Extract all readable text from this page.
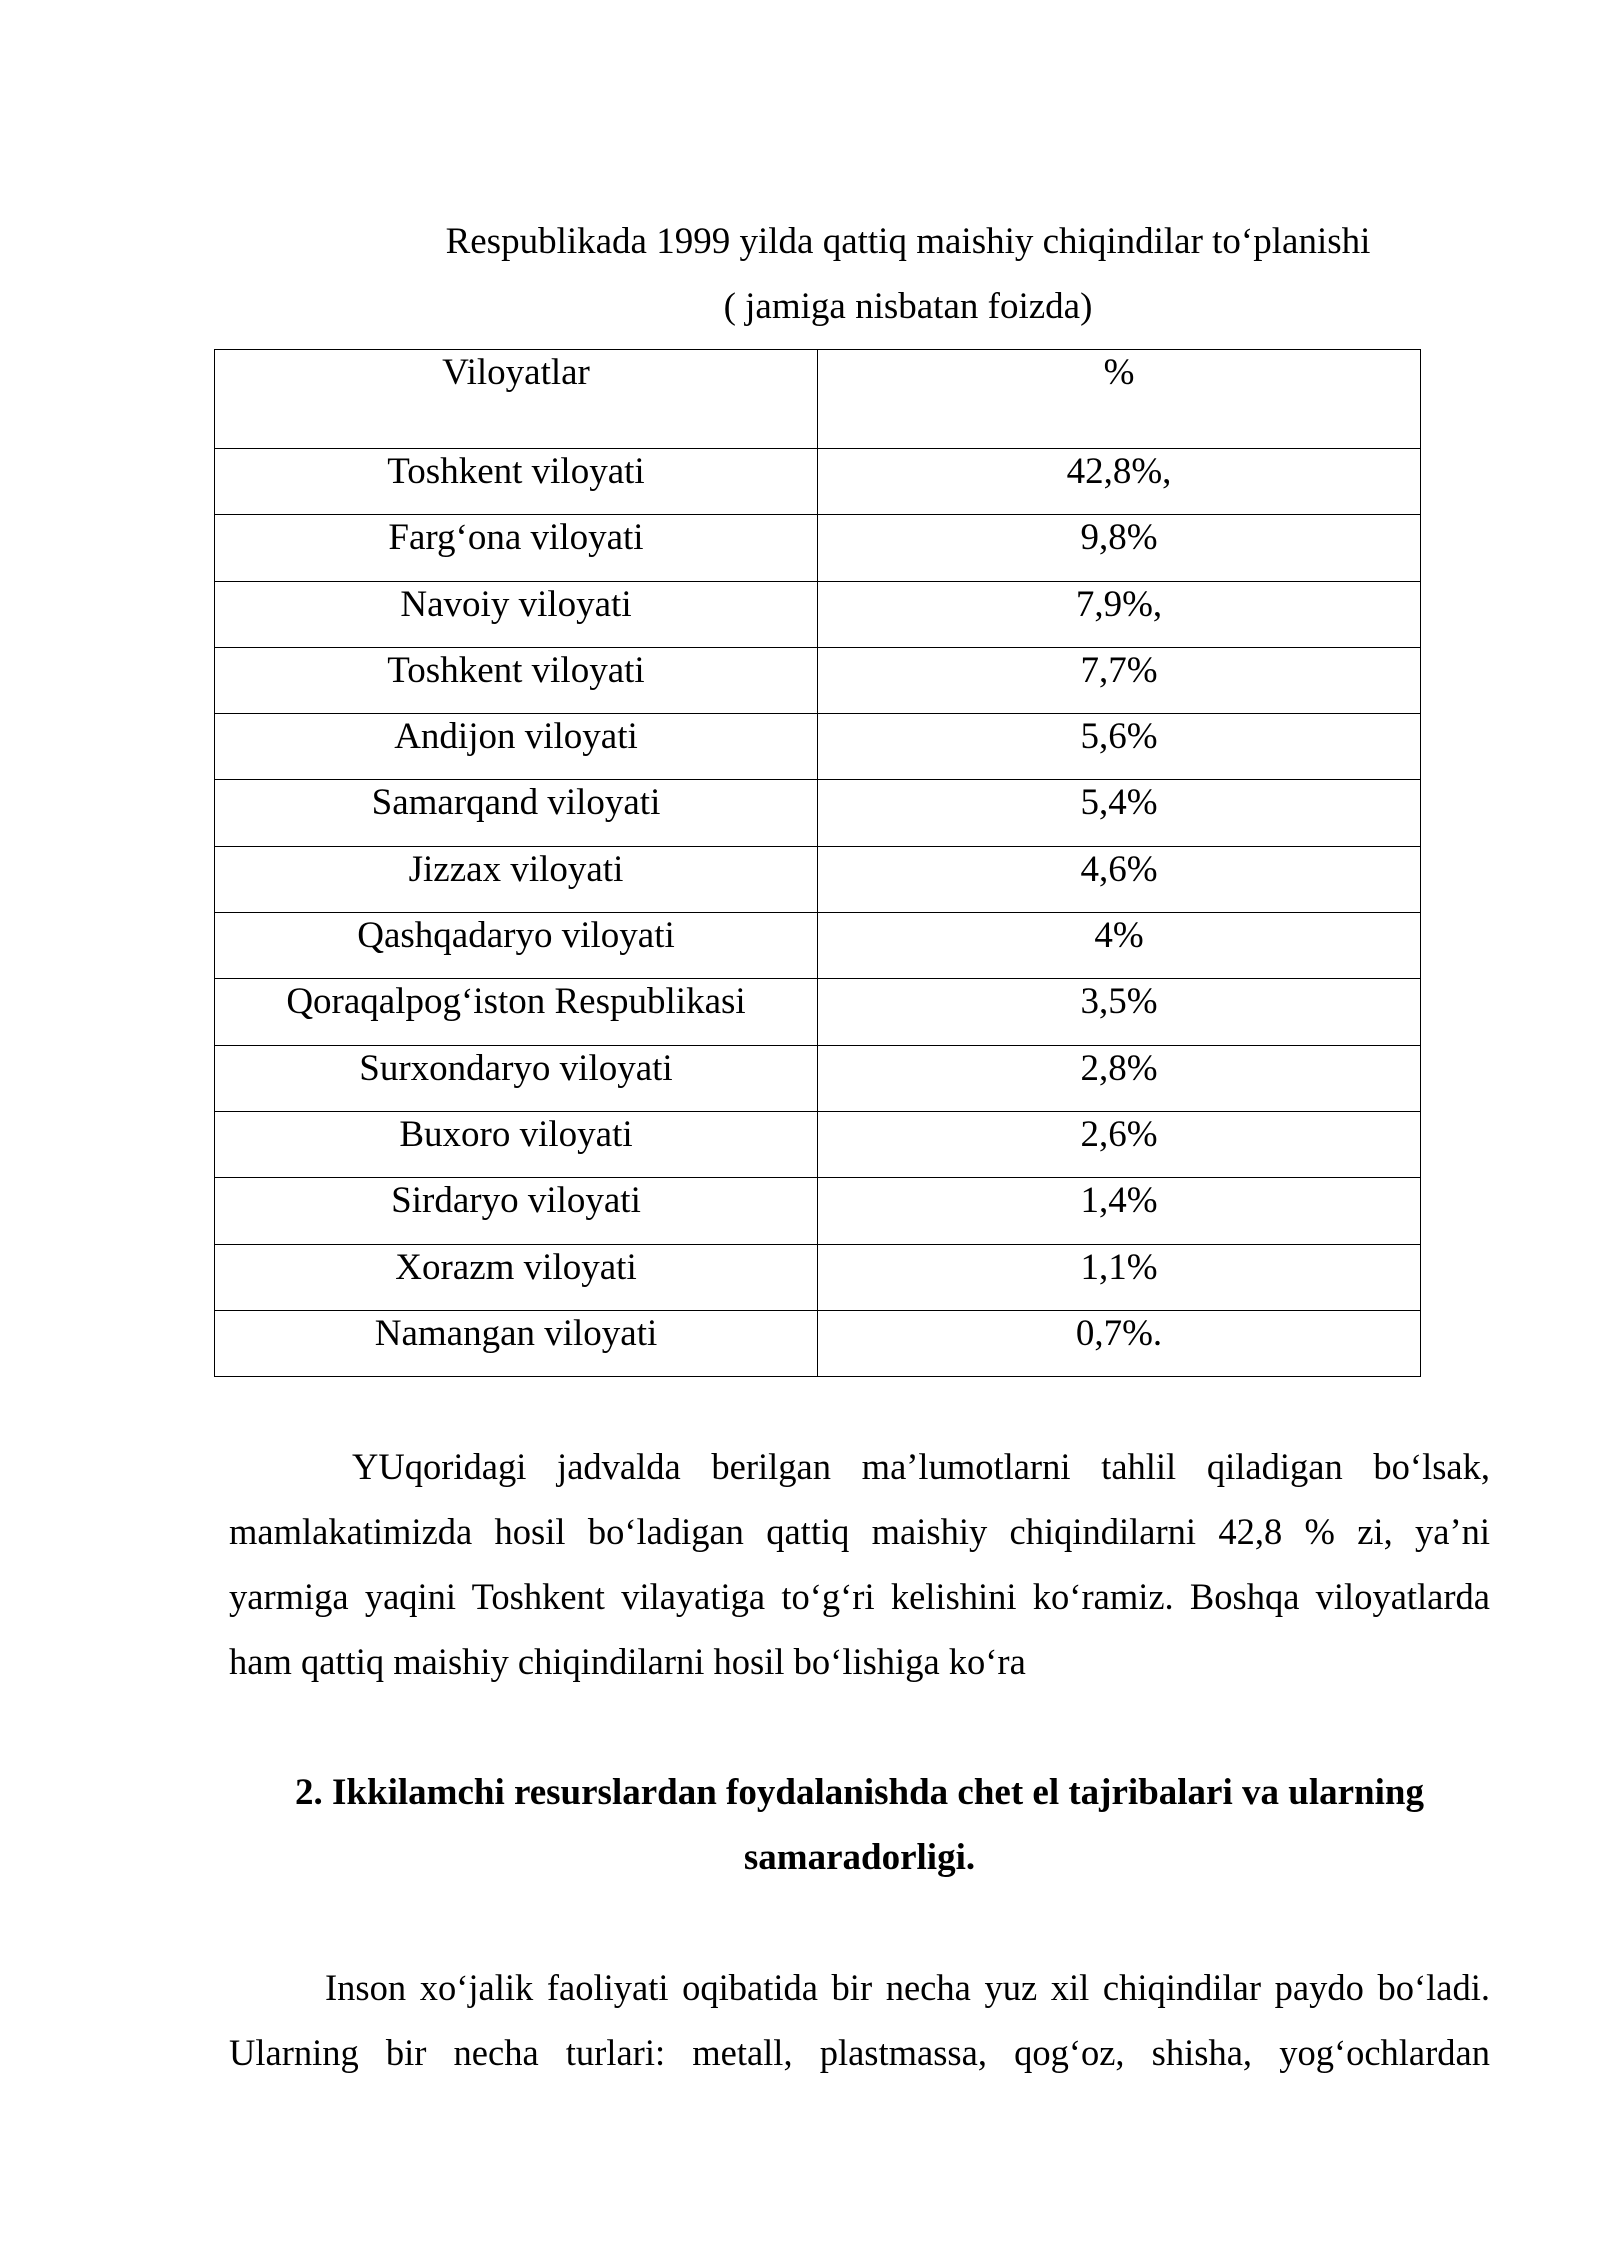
Respublikada 1999 yilda qattiq maishiy chiqindilar to‘planishi
( jamiga nisbatan foizda)
Viloyatlar	%
Toshkent viloyati	42,8%,
Farg‘ona viloyati	9,8%
Navoiy viloyati	7,9%,
Toshkent viloyati	7,7%
Andijon viloyati	5,6%
Samarqand viloyati	5,4%
Jizzax viloyati	4,6%
Qashqadaryo viloyati	4%
Qoraqalpog‘iston Respublikasi	3,5%
Surxondaryo viloyati	2,8%
Buxoro viloyati	2,6%
Sirdaryo viloyati	1,4%
Xorazm viloyati	1,1%
Namangan viloyati	0,7%.
YUqoridagi jadvalda berilgan ma’lumotlarni tahlil qiladigan bo‘lsak,
mamlakatimizda hosil bo‘ladigan qattiq maishiy chiqindilarni 42,8 % zi, ya’ni
yarmiga yaqini Toshkent vilayatiga to‘g‘ri kelishini ko‘ramiz. Boshqa viloyatlarda
ham qattiq maishiy chiqindilarni hosil bo‘lishiga ko‘ra
2. Ikkilamchi resurslardan foydalanishda chet el tajribalari va ularning
samaradorligi.
Inson xo‘jalik faoliyati oqibatida bir necha yuz xil chiqindilar paydo bo‘ladi.
Ularning bir necha turlari: metall, plastmassa, qog‘oz, shisha, yog‘ochlardan
